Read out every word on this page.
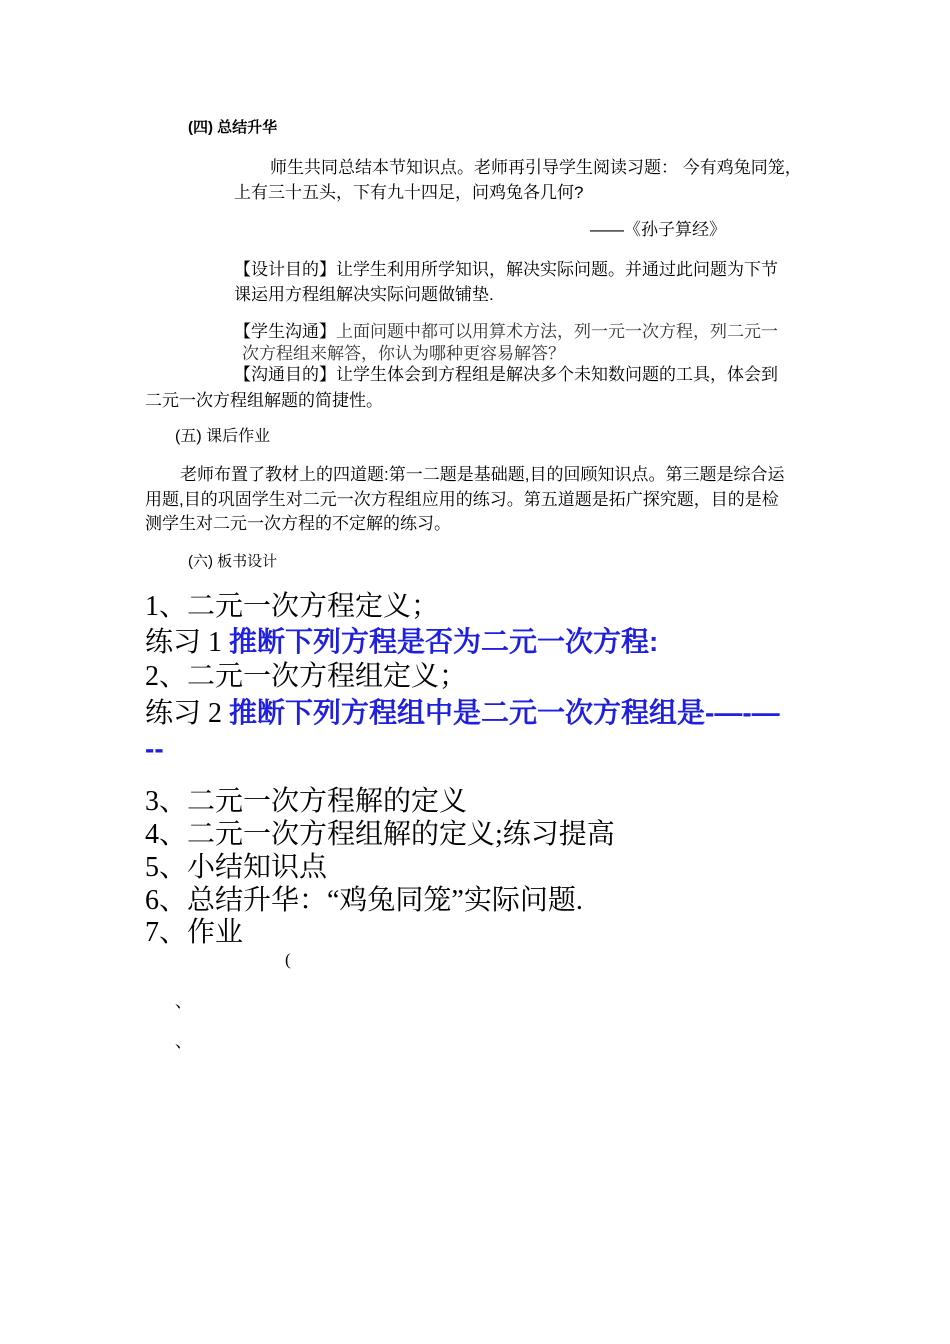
(四) 总结升华
师生共同总结本节知识点。老师再引导学生阅读习题： 今有鸡兔同笼，
上有三十五头，下有九十四足，问鸡兔各几何?
——《孙子算经》
【设计目的】让学生利用所学知识，解决实际问题。并通过此问题为下节
课运用方程组解决实际问题做铺垫.
【学生沟通】上面问题中都可以用算术方法，列一元一次方程，列二元一
次方程组来解答，你认为哪种更容易解答？
【沟通目的】让学生体会到方程组是解决多个未知数问题的工具，体会到
二元一次方程组解题的简捷性。
(五) 课后作业
老师布置了教材上的四道题:第一二题是基础题,目的回顾知识点。第三题是综合运
用题,目的巩固学生对二元一次方程组应用的练习。第五道题是拓广探究题，目的是检
测学生对二元一次方程的不定解的练习。
(六) 板书设计
1、二元一次方程定义；
练习 1 推断下列方程是否为二元一次方程:
2、二元一次方程组定义；
练习 2 推断下列方程组中是二元一次方程组是-—-—
--
3、二元一次方程解的定义
4、二元一次方程组解的定义;练习提高
5、小结知识点
6、总结升华：“鸡兔同笼”实际问题.
7、作业
(
、
、
